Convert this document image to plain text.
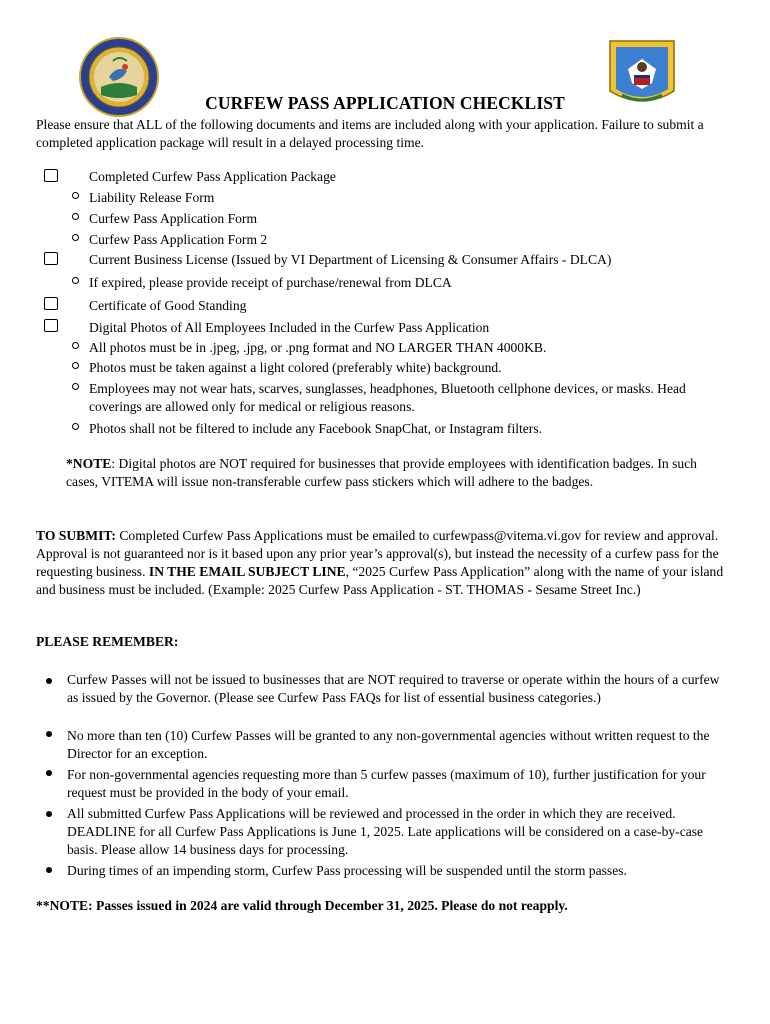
CURFEW PASS APPLICATION CHECKLIST
Please ensure that ALL of the following documents and items are included along with your application. Failure to submit a completed application package will result in a delayed processing time.
Completed Curfew Pass Application Package
Liability Release Form
Curfew Pass Application Form
Curfew Pass Application Form 2
Current Business License (Issued by VI Department of Licensing & Consumer Affairs - DLCA)
If expired, please provide receipt of purchase/renewal from DLCA
Certificate of Good Standing
Digital Photos of All Employees Included in the Curfew Pass Application
All photos must be in .jpeg, .jpg, or .png format and NO LARGER THAN 4000KB.
Photos must be taken against a light colored (preferably white) background.
Employees may not wear hats, scarves, sunglasses, headphones, Bluetooth cellphone devices, or masks. Head coverings are allowed only for medical or religious reasons.
Photos shall not be filtered to include any Facebook SnapChat, or Instagram filters.
*NOTE: Digital photos are NOT required for businesses that provide employees with identification badges. In such cases, VITEMA will issue non-transferable curfew pass stickers which will adhere to the badges.
TO SUBMIT: Completed Curfew Pass Applications must be emailed to curfewpass@vitema.vi.gov for review and approval. Approval is not guaranteed nor is it based upon any prior year’s approval(s), but instead the necessity of a curfew pass for the requesting business. IN THE EMAIL SUBJECT LINE, “2025 Curfew Pass Application” along with the name of your island and business must be included. (Example: 2025 Curfew Pass Application - ST. THOMAS - Sesame Street Inc.)
PLEASE REMEMBER:
Curfew Passes will not be issued to businesses that are NOT required to traverse or operate within the hours of a curfew as issued by the Governor. (Please see Curfew Pass FAQs for list of essential business categories.)
No more than ten (10) Curfew Passes will be granted to any non-governmental agencies without written request to the Director for an exception.
For non-governmental agencies requesting more than 5 curfew passes (maximum of 10), further justification for your request must be provided in the body of your email.
All submitted Curfew Pass Applications will be reviewed and processed in the order in which they are received. DEADLINE for all Curfew Pass Applications is June 1, 2025. Late applications will be considered on a case-by-case basis. Please allow 14 business days for processing.
During times of an impending storm, Curfew Pass processing will be suspended until the storm passes.
**NOTE: Passes issued in 2024 are valid through December 31, 2025. Please do not reapply.
